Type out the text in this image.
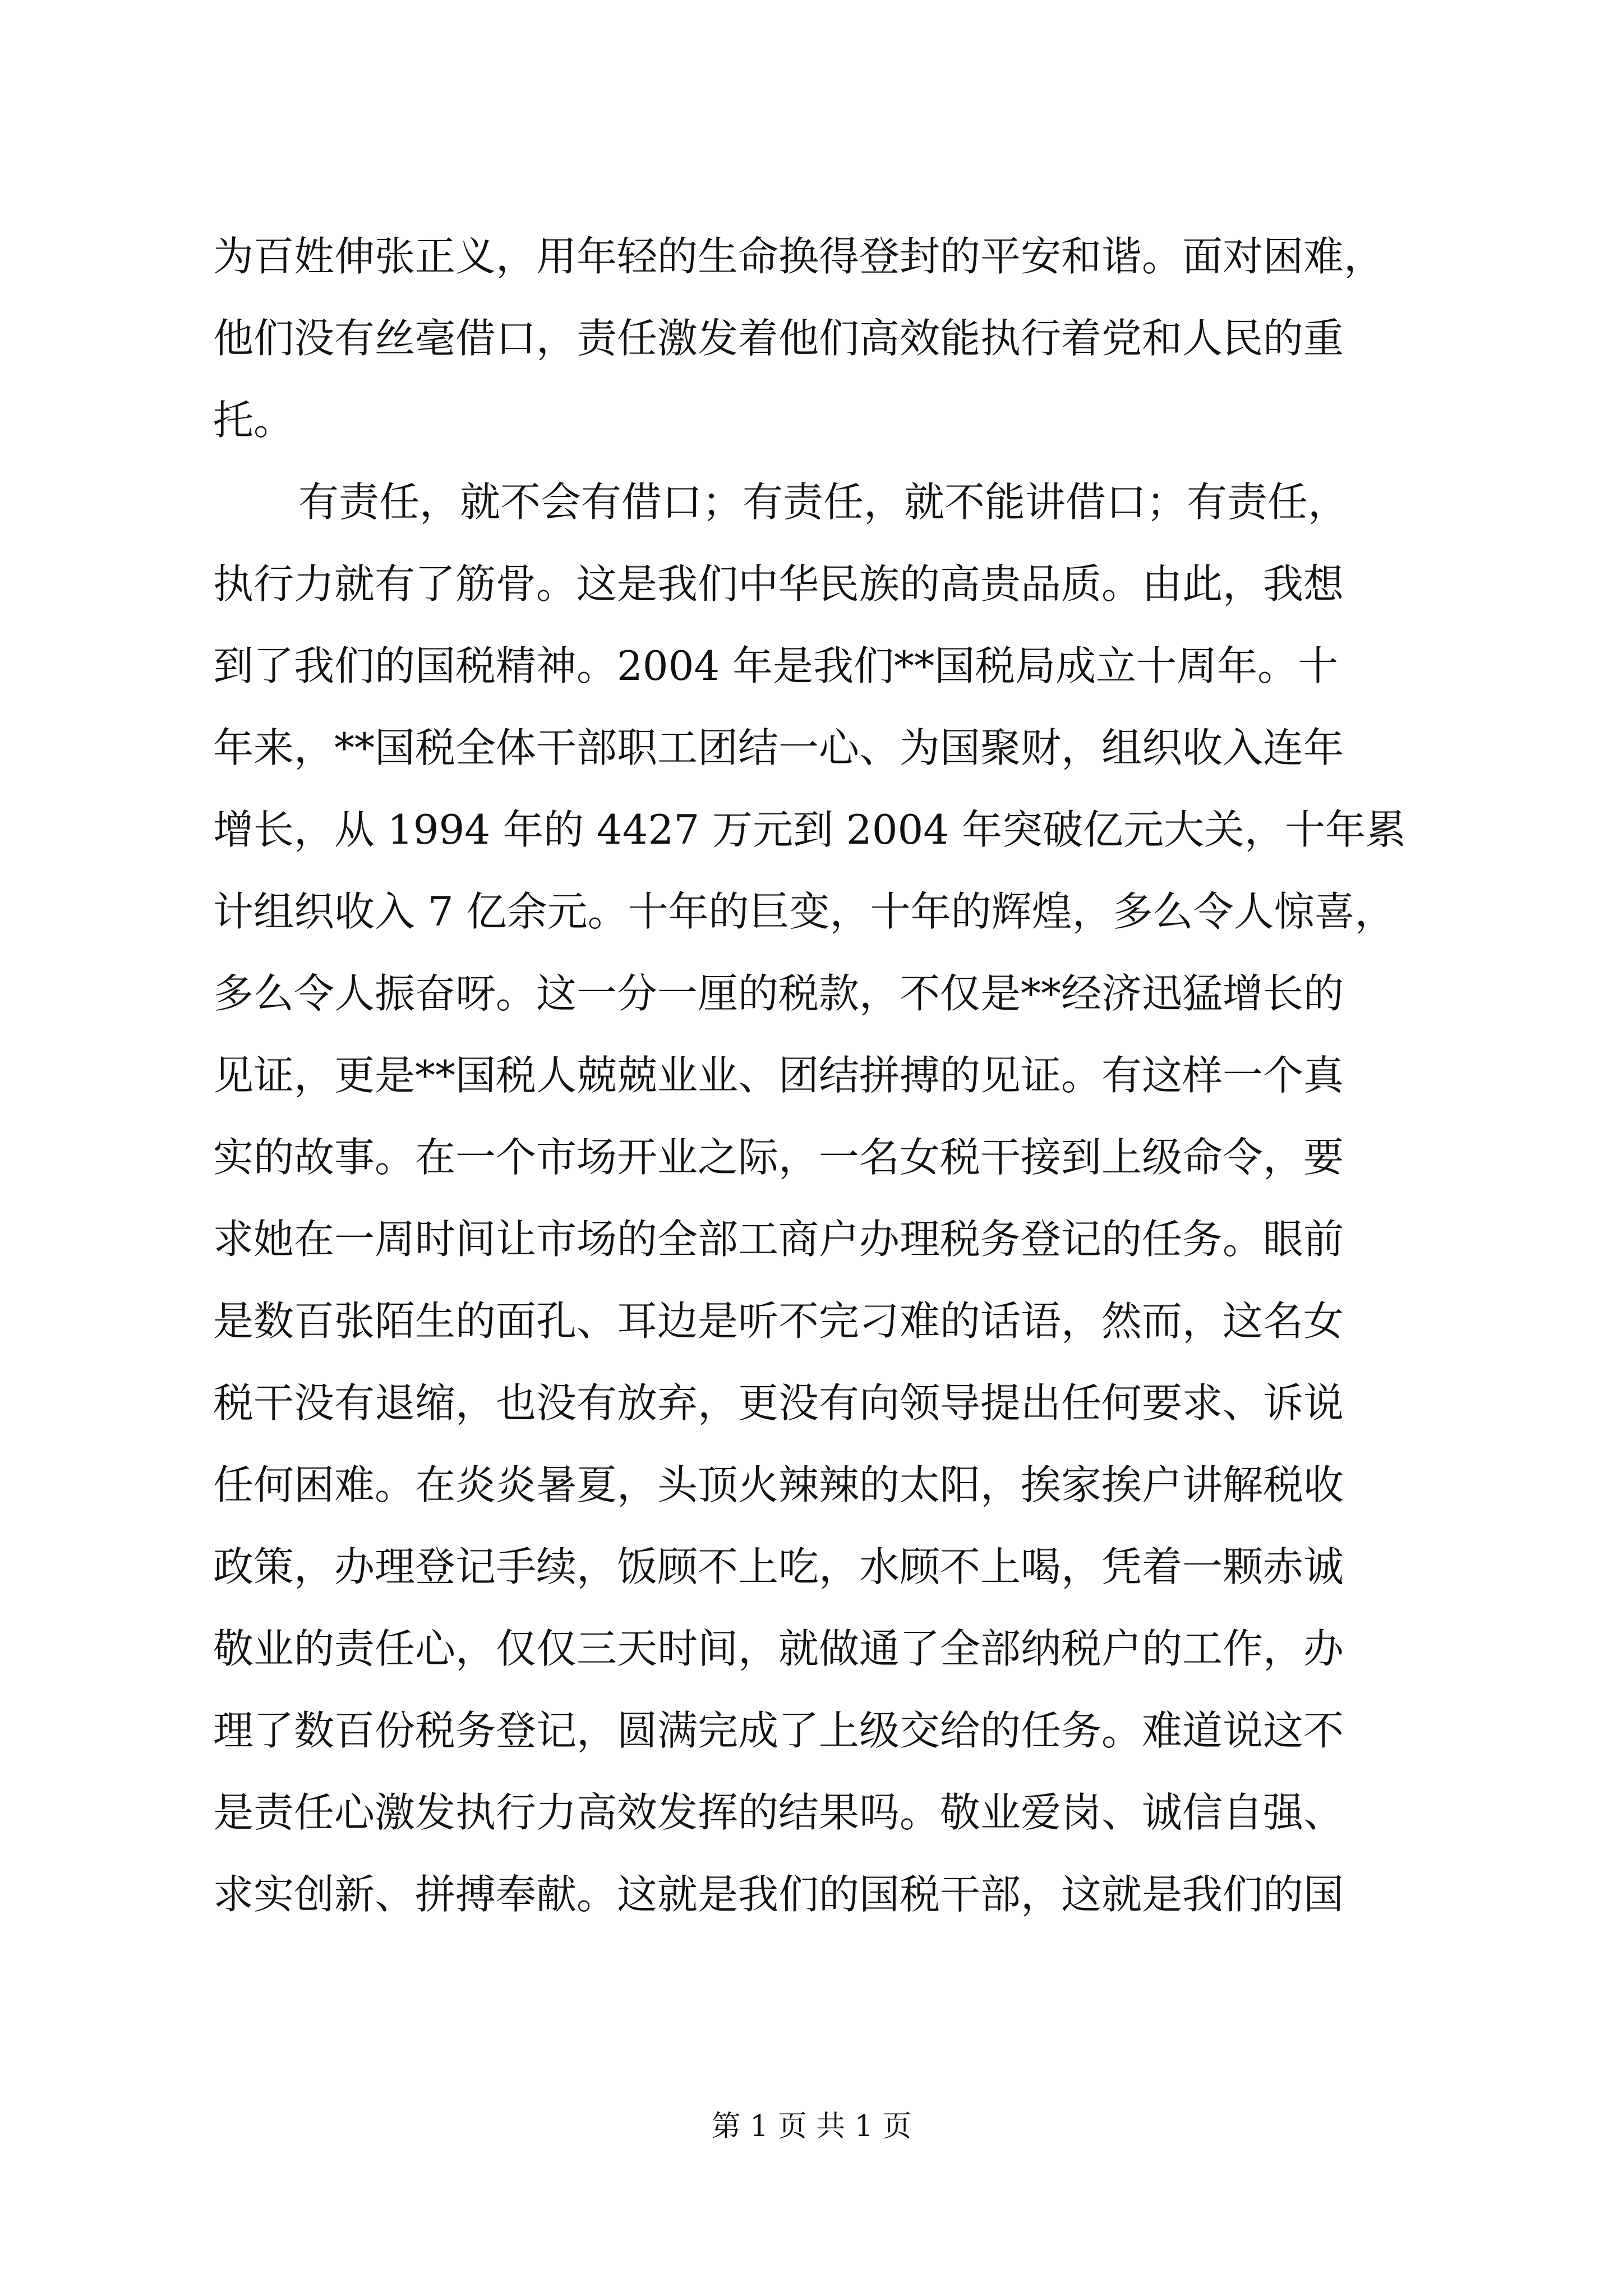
为百姓伸张正义，用年轻的生命换得登封的平安和谐。面对困难，
他们没有丝毫借口，责任激发着他们高效能执行着党和人民的重
托。
有责任，就不会有借口；有责任，就不能讲借口；有责任，
执行力就有了筋骨。这是我们中华民族的高贵品质。由此，我想
到了我们的国税精神。2004 年是我们**国税局成立十周年。十
年来，**国税全体干部职工团结一心、为国聚财，组织收入连年
增长，从 1994 年的 4427 万元到 2004 年突破亿元大关，十年累
计组织收入 7 亿余元。十年的巨变，十年的辉煌，多么令人惊喜，
多么令人振奋呀。这一分一厘的税款，不仅是**经济迅猛增长的
见证，更是**国税人兢兢业业、团结拼搏的见证。有这样一个真
实的故事。在一个市场开业之际，一名女税干接到上级命令，要
求她在一周时间让市场的全部工商户办理税务登记的任务。眼前
是数百张陌生的面孔、耳边是听不完刁难的话语，然而，这名女
税干没有退缩，也没有放弃，更没有向领导提出任何要求、诉说
任何困难。在炎炎暑夏，头顶火辣辣的太阳，挨家挨户讲解税收
政策，办理登记手续，饭顾不上吃，水顾不上喝，凭着一颗赤诚
敬业的责任心，仅仅三天时间，就做通了全部纳税户的工作，办
理了数百份税务登记，圆满完成了上级交给的任务。难道说这不
是责任心激发执行力高效发挥的结果吗。敬业爱岗、诚信自强、
求实创新、拼搏奉献。这就是我们的国税干部，这就是我们的国
第 1 页 共 1 页
